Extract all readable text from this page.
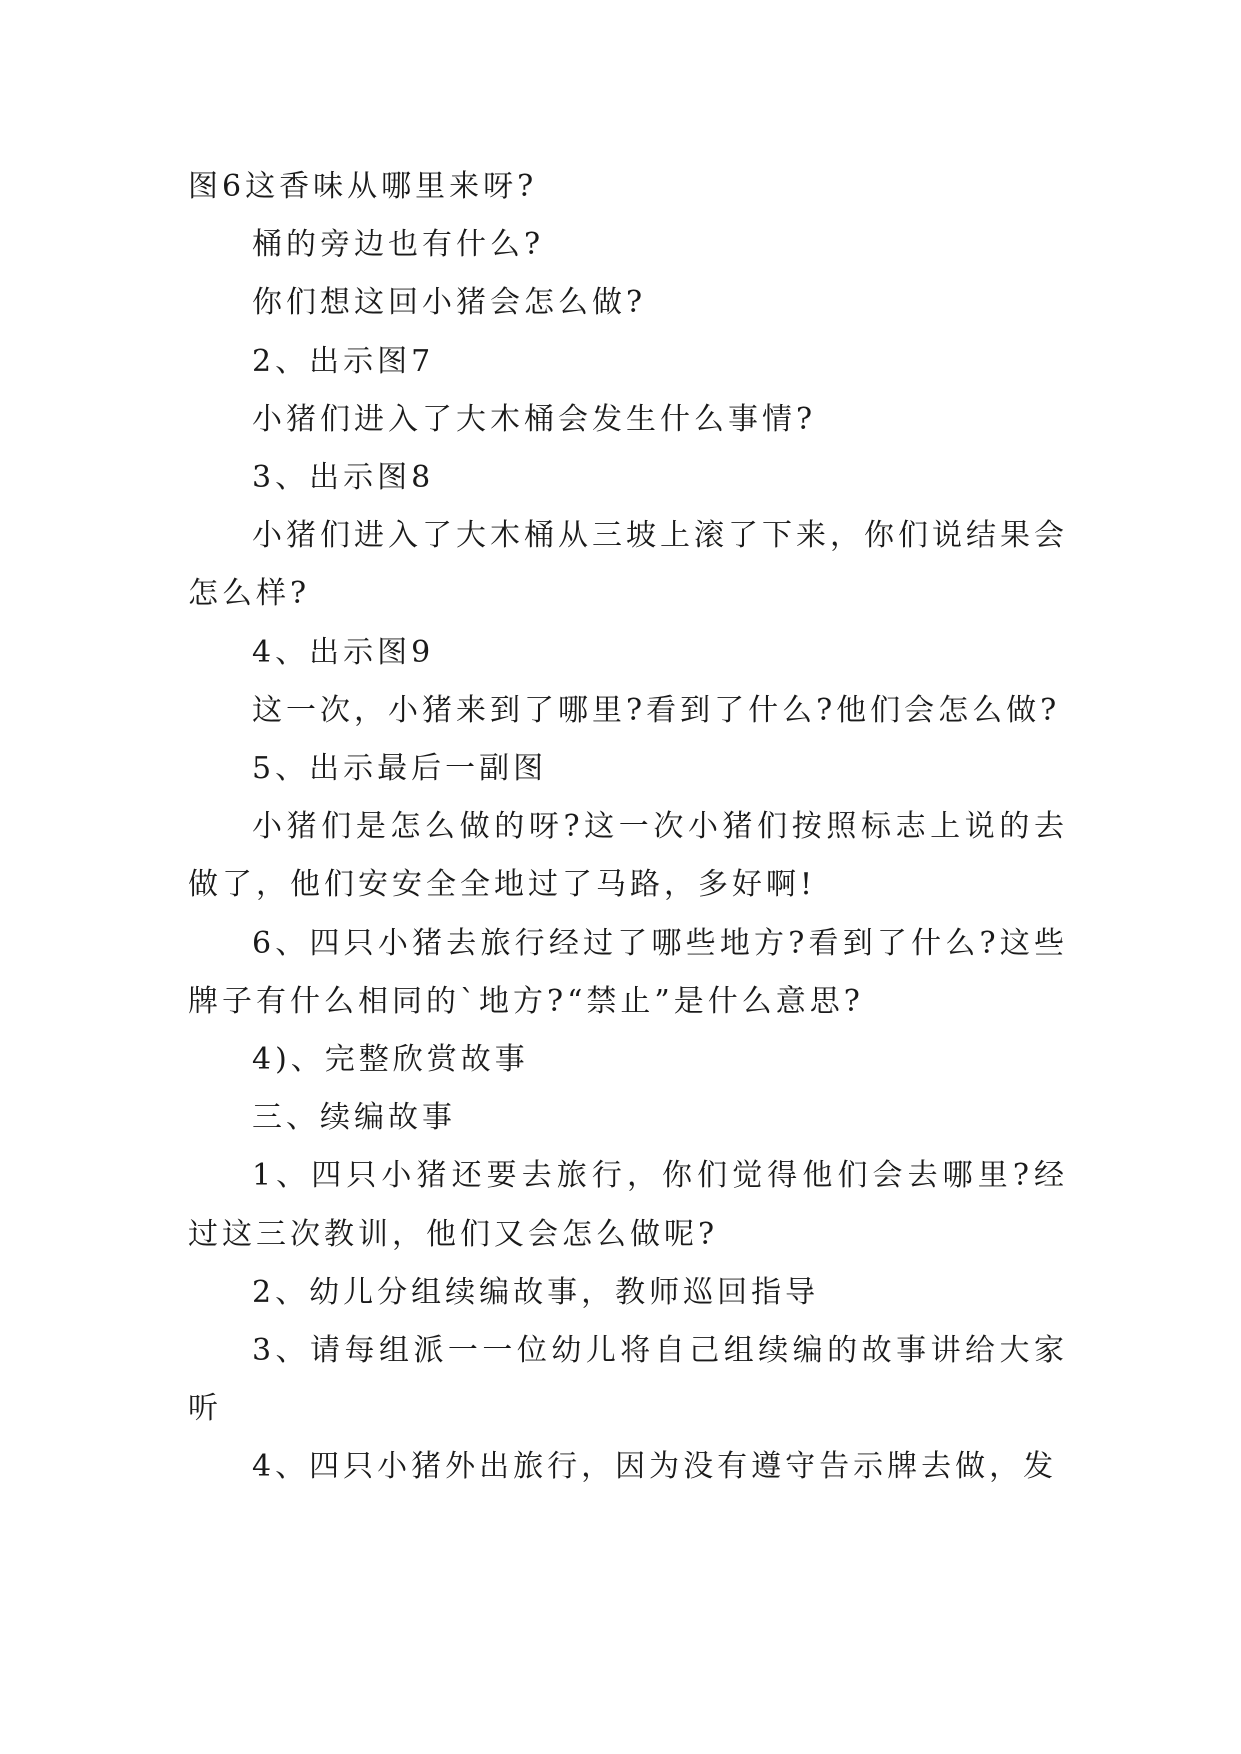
图6这香味从哪里来呀?

桶的旁边也有什么?

你们想这回小猪会怎么做?

2、出示图7

小猪们进入了大木桶会发生什么事情?

3、出示图8

小猪们进入了大木桶从三坡上滚了下来，你们说结果会怎么样?

4、出示图9

这一次，小猪来到了哪里?看到了什么?他们会怎么做?

5、出示最后一副图

小猪们是怎么做的呀?这一次小猪们按照标志上说的去做了，他们安安全全地过了马路，多好啊!

6、四只小猪去旅行经过了哪些地方?看到了什么?这些牌子有什么相同的`地方?“禁止”是什么意思?

4)、完整欣赏故事

三、续编故事

1、四只小猪还要去旅行，你们觉得他们会去哪里?经过这三次教训，他们又会怎么做呢?

2、幼儿分组续编故事，教师巡回指导

3、请每组派一一位幼儿将自己组续编的故事讲给大家听

4、四只小猪外出旅行，因为没有遵守告示牌去做，发
